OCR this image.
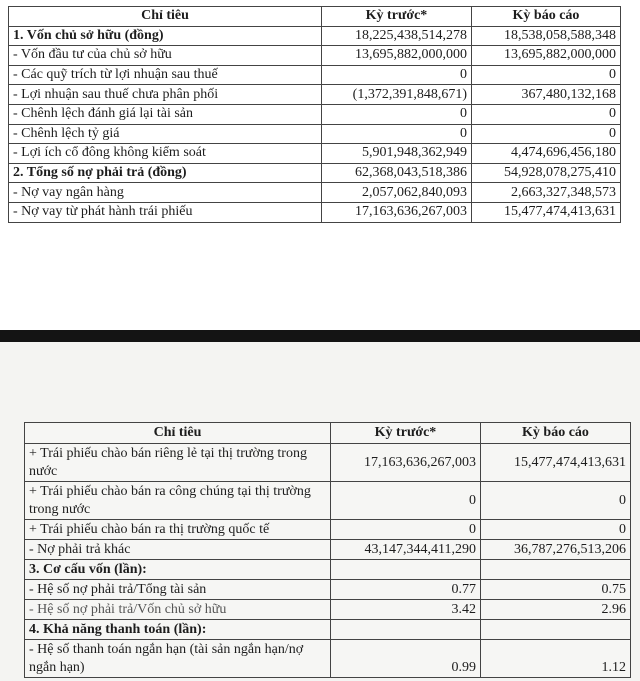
Chỉ tiêu	Kỳ trước*	Kỳ báo cáo
1. Vốn chủ sở hữu (đồng)	18,225,438,514,278	18,538,058,588,348
- Vốn đầu tư của chủ sở hữu	13,695,882,000,000	13,695,882,000,000
- Các quỹ trích từ lợi nhuận sau thuế	0	0
- Lợi nhuận sau thuế chưa phân phối	(1,372,391,848,671)	367,480,132,168
- Chênh lệch đánh giá lại tài sản	0	0
- Chênh lệch tỷ giá	0	0
- Lợi ích cổ đông không kiểm soát	5,901,948,362,949	4,474,696,456,180
2. Tổng số nợ phải trả (đồng)	62,368,043,518,386	54,928,078,275,410
- Nợ vay ngân hàng	2,057,062,840,093	2,663,327,348,573
- Nợ vay từ phát hành trái phiếu	17,163,636,267,003	15,477,474,413,631
Chỉ tiêu	Kỳ trước*	Kỳ báo cáo
+ Trái phiếu chào bán riêng lẻ tại thị trường trong nước	17,163,636,267,003	15,477,474,413,631
+ Trái phiếu chào bán ra công chúng tại thị trường trong nước	0	0
+ Trái phiếu chào bán ra thị trường quốc tế	0	0
- Nợ phải trả khác	43,147,344,411,290	36,787,276,513,206
3. Cơ cấu vốn (lần):		
- Hệ số nợ phải trả/Tổng tài sản	0.77	0.75
- Hệ số nợ phải trả/Vốn chủ sở hữu	3.42	2.96
4. Khả năng thanh toán (lần):		
- Hệ số thanh toán ngắn hạn (tài sản ngắn hạn/nợ ngắn hạn)	0.99	1.12
